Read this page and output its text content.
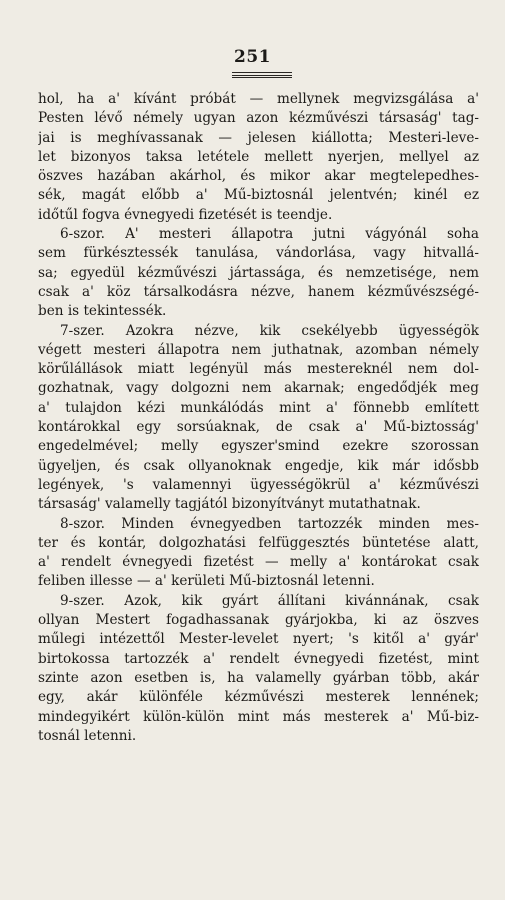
251
hol, ha a' kívánt próbát — mellynek megvizsgálása a'
Pesten lévő némely ugyan azon kézművészi társaság' tag-
jai is meghívassanak — jelesen kiállotta; Mesteri-leve-
let bizonyos taksa letétele mellett nyerjen, mellyel az
öszves hazában akárhol, és mikor akar megtelepedhes-
sék, magát előbb a' Mű-biztosnál jelentvén; kinél ez
időtűl fogva évnegyedi fizetését is teendje.
6-szor. A' mesteri állapotra jutni vágyónál soha
sem fürkésztessék tanulása, vándorlása, vagy hitvallá-
sa; egyedül kézművészi jártassága, és nemzetisége, nem
csak a' köz társalkodásra nézve, hanem kézművészségé-
ben is tekintessék.
7-szer. Azokra nézve, kik csekélyebb ügyességök
végett mesteri állapotra nem juthatnak, azomban némely
körűlállások miatt legényül más mestereknél nem dol-
gozhatnak, vagy dolgozni nem akarnak; engedődjék meg
a' tulajdon kézi munkálódás mint a' fönnebb említett
kontárokkal egy sorsúaknak, de csak a' Mű-biztosság'
engedelmével; melly egyszer'smind ezekre szorossan
ügyeljen, és csak ollyanoknak engedje, kik már idősbb
legények, 's valamennyi ügyességökrül a' kézművészi
társaság' valamelly tagjától bizonyítványt mutathatnak.
8-szor. Minden évnegyedben tartozzék minden mes-
ter és kontár, dolgozhatási felfüggesztés büntetése alatt,
a' rendelt évnegyedi fizetést — melly a' kontárokat csak
feliben illesse — a' kerületi Mű-biztosnál letenni.
9-szer. Azok, kik gyárt állítani kivánnának, csak
ollyan Mestert fogadhassanak gyárjokba, ki az öszves
műlegi intézettől Mester-levelet nyert; 's kitől a' gyár'
birtokossa tartozzék a' rendelt évnegyedi fizetést, mint
szinte azon esetben is, ha valamelly gyárban több, akár
egy, akár különféle kézművészi mesterek lennének;
mindegyikért külön-külön mint más mesterek a' Mű-biz-
tosnál letenni.
